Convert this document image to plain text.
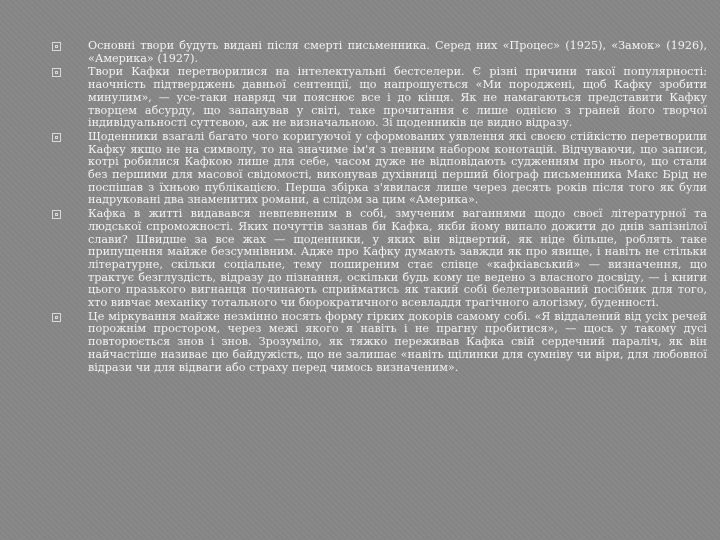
Основні твори будуть видані після смерті письменника. Серед них «Процес» (1925), «Замок» (1926), «Америка» (1927).
Твори Кафки перетворилися на інтелектуальні бестселери. Є різні причини такої популярності: наочність підтверджень давньої сентенції, що напрошується «Ми породжені, щоб Кафку зробити минулим», — усе-таки навряд чи пояснює все і до кінця. Як не намагаються представити Кафку творцем абсурду, що запанував у світі, таке прочитання є лише однією з граней його творчої індивідуальності суттєвою, аж не визначальною. Зі щоденників це видно відразу.
Щоденники взагалі багато чого коригуючої у сформованих уявлення які своєю стійкістю перетворили Кафку якщо не на символу, то на значиме ім'я з певним набором конотацій. Відчуваючи, що записи, котрі робилися Кафкою лише для себе, часом дуже не відповідають судженням про нього, що стали без першими для масової свідомості, виконував духівниці перший біограф письменника Макс Брід не поспішав з їхньою публікацією. Перша збірка з'явилася лише через десять років після того як були надруковані два знаменитих романи, а слідом за цим «Америка».
Кафка в житті видавався невпевненим в собі, змученим ваганнями щодо своєї літературної та людської спроможності. Яких почуттів зазнав би Кафка, якби йому випало дожити до днів запізнілої слави? Швидше за все жах — щоденники, у яких він відвертий, як ніде більше, роблять таке припущення майже безсумнівним. Адже про Кафку думають завжди як про явище, і навіть не стільки літературне, скільки соціальне, тему поширеним стає слівце «кафкіавський» — визначення, що трактує безглуздість, відразу до пізнання, оскільки будь кому це ведено з власного досвіду, — і книги цього празького вигнанця починають сприйматись як такий собі белетризований посібник для того, хто вивчає механіку тотального чи бюрократичного всевладдя трагічного алогізму, буденності.
Це міркування майже незмінно носять форму гірких докорів самому собі. «Я віддалений від усіх речей порожнім простором, через межі якого я навіть і не прагну пробитися», — щось у такому дусі повторюється знов і знов. Зрозуміло, як тяжко переживав Кафка свій сердечний параліч, як він найчастіше називає цю байдужість, що не залишає «навіть щілинки для сумніву чи віри, для любовної відрази чи для відваги або страху перед чимось визначеним».
